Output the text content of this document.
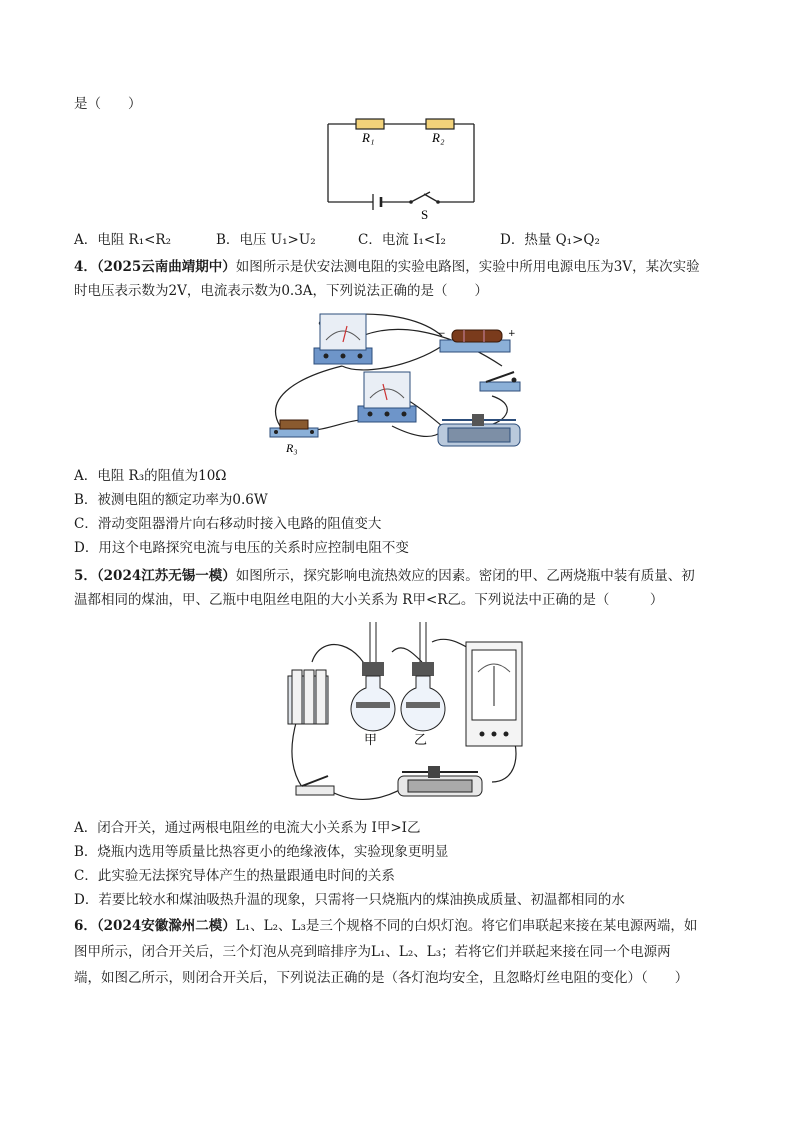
是（　　）
R₁	R₂
S
A．电阻 R₁<R₂	B．电压 U₁>U₂	C．电流 I₁<I₂	D．热量 Q₁>Q₂
4．（2025云南曲靖期中）如图所示是伏安法测电阻的实验电路图，实验中所用电源电压为3V，某次实验
时电压表示数为2V，电流表示数为0.3A，下列说法正确的是（　　）
−	+
R₃
A．电阻 R₃的阻值为10Ω
B．被测电阻的额定功率为0.6W
C．滑动变阻器滑片向右移动时接入电路的阻值变大
D．用这个电路探究电流与电压的关系时应控制电阻不变
5．（2024江苏无锡一模）如图所示，探究影响电流热效应的因素。密闭的甲、乙两烧瓶中装有质量、初
温都相同的煤油，甲、乙瓶中电阻丝电阻的大小关系为 R甲<R乙。下列说法中正确的是（　　　）
甲	乙
A．闭合开关，通过两根电阻丝的电流大小关系为 I甲>I乙
B．烧瓶内选用等质量比热容更小的绝缘液体，实验现象更明显
C．此实验无法探究导体产生的热量跟通电时间的关系
D．若要比较水和煤油吸热升温的现象，只需将一只烧瓶内的煤油换成质量、初温都相同的水
6．（2024安徽滁州二模）L₁、L₂、L₃是三个规格不同的白炽灯泡。将它们串联起来接在某电源两端，如
图甲所示，闭合开关后，三个灯泡从亮到暗排序为L₁、L₂、L₃；若将它们并联起来接在同一个电源两
端，如图乙所示，则闭合开关后，下列说法正确的是（各灯泡均安全，且忽略灯丝电阻的变化）（　　）
